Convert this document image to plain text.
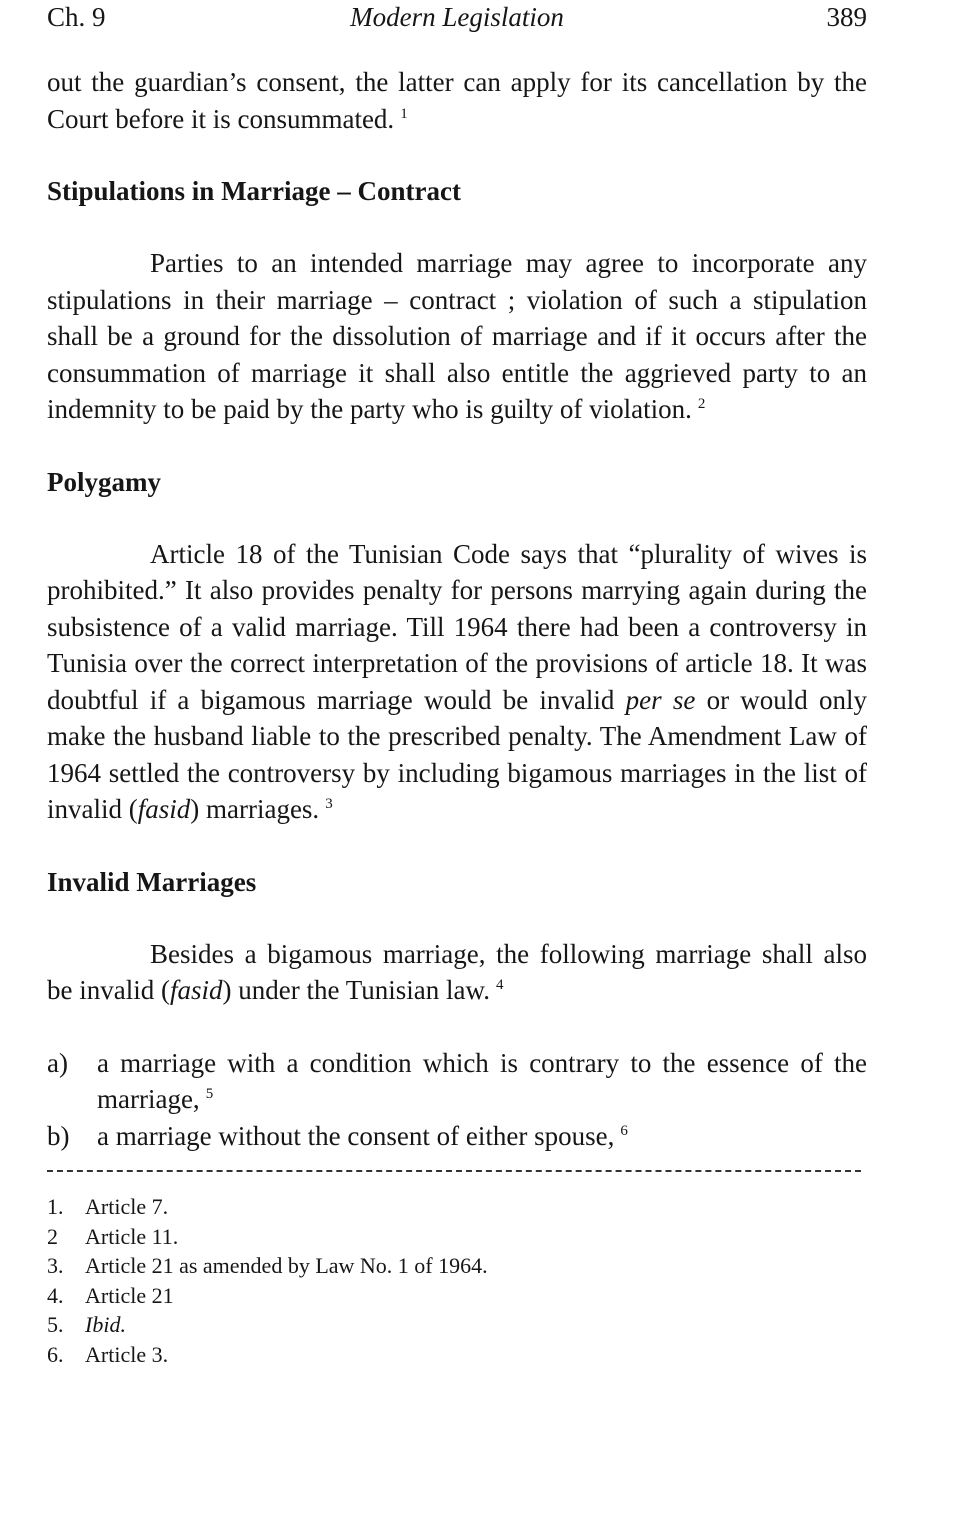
Ch. 9	Modern Legislation	389

out the guardian’s consent, the latter can apply for its cancellation by the Court before it is consummated. $^1$

Stipulations in Marriage – Contract

Parties to an intended marriage may agree to incorporate any stipulations in their marriage – contract ; violation of such a stipulation shall be a ground for the dissolution of marriage and if it occurs after the consummation of marriage it shall also entitle the aggrieved party to an indemnity to be paid by the party who is guilty of violation. $^2$

Polygamy

Article 18 of the Tunisian Code says that “plurality of wives is prohibited.” It also provides penalty for persons marrying again during the subsistence of a valid marriage. Till 1964 there had been a controversy in Tunisia over the correct interpretation of the provisions of article 18. It was doubtful if a bigamous marriage would be invalid per se or would only make the husband liable to the prescribed penalty. The Amendment Law of 1964 settled the controversy by including bigamous marriages in the list of invalid (fasid) marriages. $^3$

Invalid Marriages

Besides a bigamous marriage, the following marriage shall also be invalid (fasid) under the Tunisian law. $^4$

a)	a marriage with a condition which is contrary to the essence of the marriage, $^5$
b)	a marriage without the consent of either spouse, $^6$
1. Article 7.
2	Article 11.
3. Article 21 as amended by Law No. 1 of 1964.
4. Article 21
5. Ibid.
6. Article 3.
